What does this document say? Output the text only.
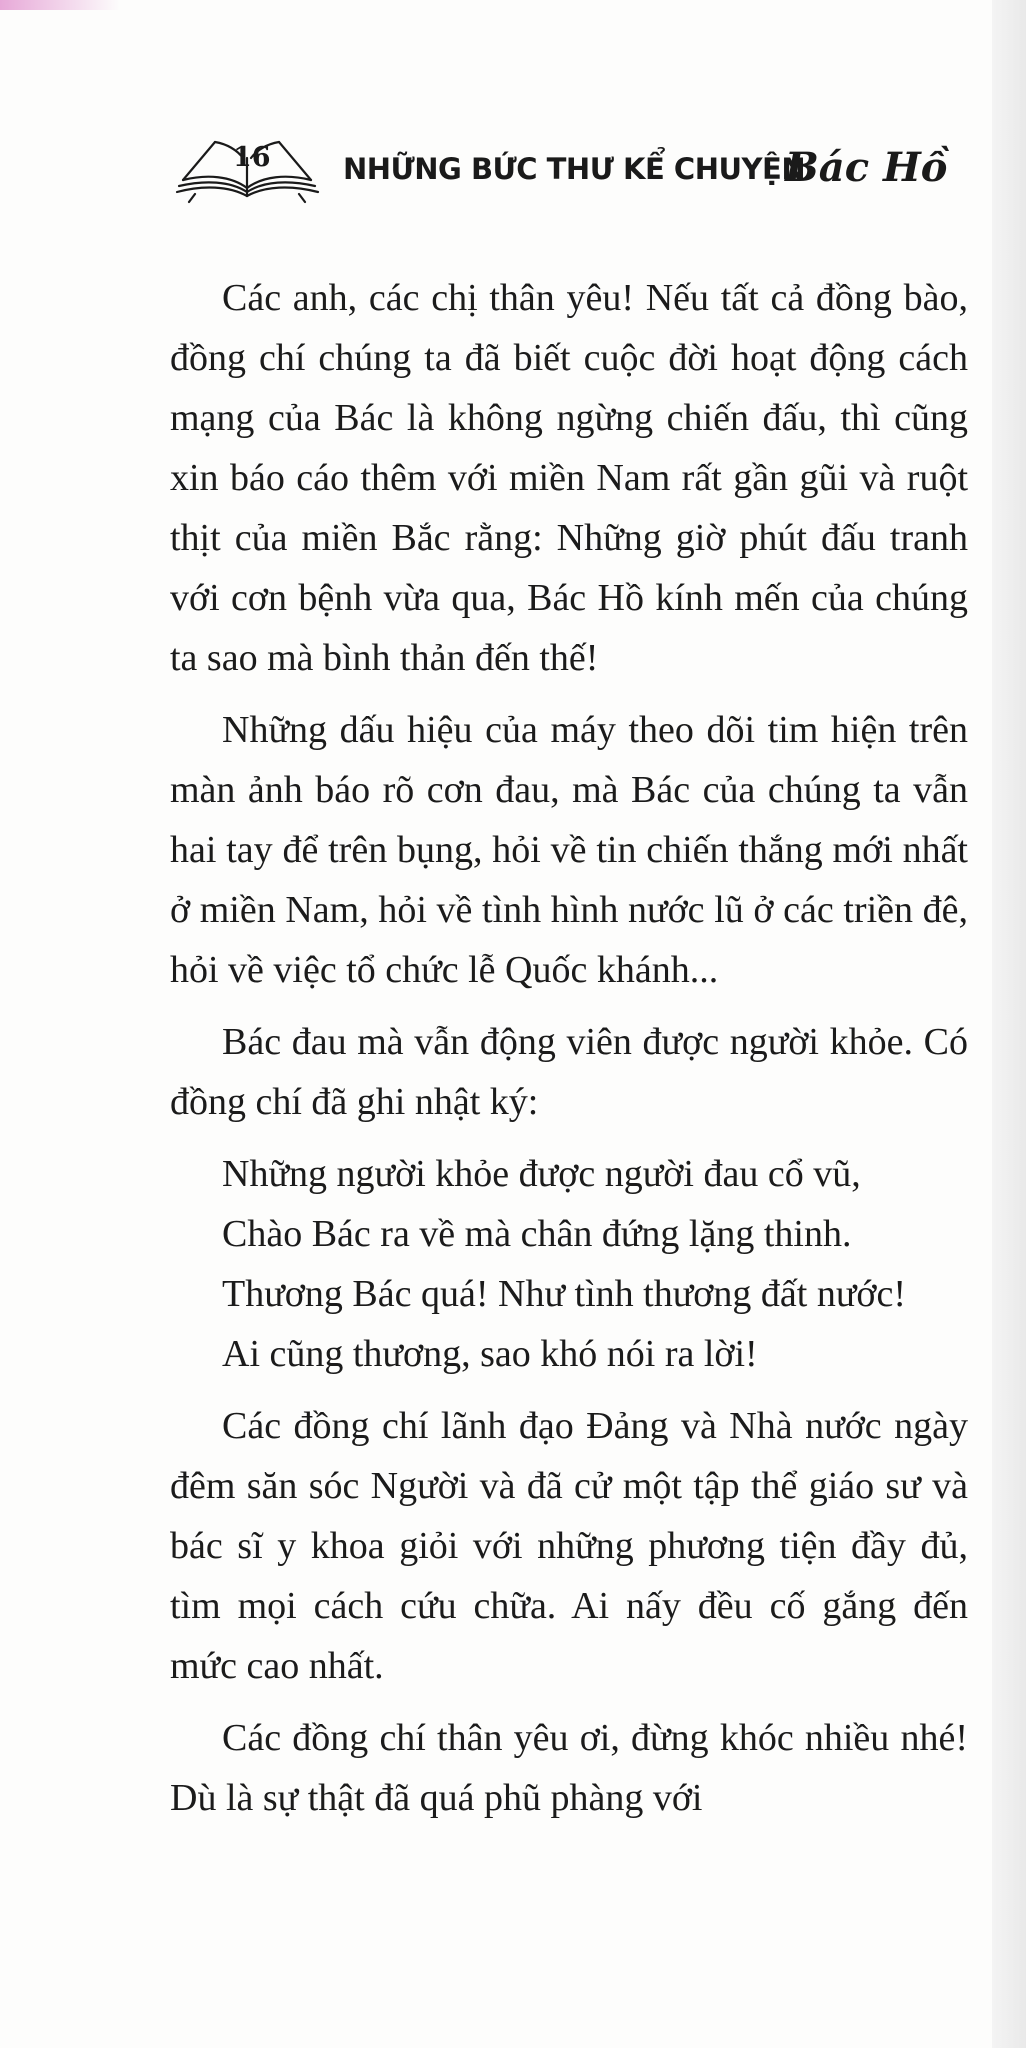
16 NHỮNG BỨC THƯ KỂ CHUYỆN
Bác Hồ

Các anh, các chị thân yêu! Nếu tất cả đồng bào, đồng chí chúng ta đã biết cuộc đời hoạt động cách mạng của Bác là không ngừng chiến đấu, thì cũng xin báo cáo thêm với miền Nam rất gần gũi và ruột thịt của miền Bắc rằng: Những giờ phút đấu tranh với cơn bệnh vừa qua, Bác Hồ kính mến của chúng ta sao mà bình thản đến thế!

Những dấu hiệu của máy theo dõi tim hiện trên màn ảnh báo rõ cơn đau, mà Bác của chúng ta vẫn hai tay để trên bụng, hỏi về tin chiến thắng mới nhất ở miền Nam, hỏi về tình hình nước lũ ở các triền đê, hỏi về việc tổ chức lễ Quốc khánh...

Bác đau mà vẫn động viên được người khỏe. Có đồng chí đã ghi nhật ký:

Những người khỏe được người đau cổ vũ,

Chào Bác ra về mà chân đứng lặng thinh.

Thương Bác quá! Như tình thương đất nước!

Ai cũng thương, sao khó nói ra lời!

Các đồng chí lãnh đạo Đảng và Nhà nước ngày đêm săn sóc Người và đã cử một tập thể giáo sư và bác sĩ y khoa giỏi với những phương tiện đầy đủ, tìm mọi cách cứu chữa. Ai nấy đều cố gắng đến mức cao nhất.

Các đồng chí thân yêu ơi, đừng khóc nhiều nhé! Dù là sự thật đã quá phũ phàng với
